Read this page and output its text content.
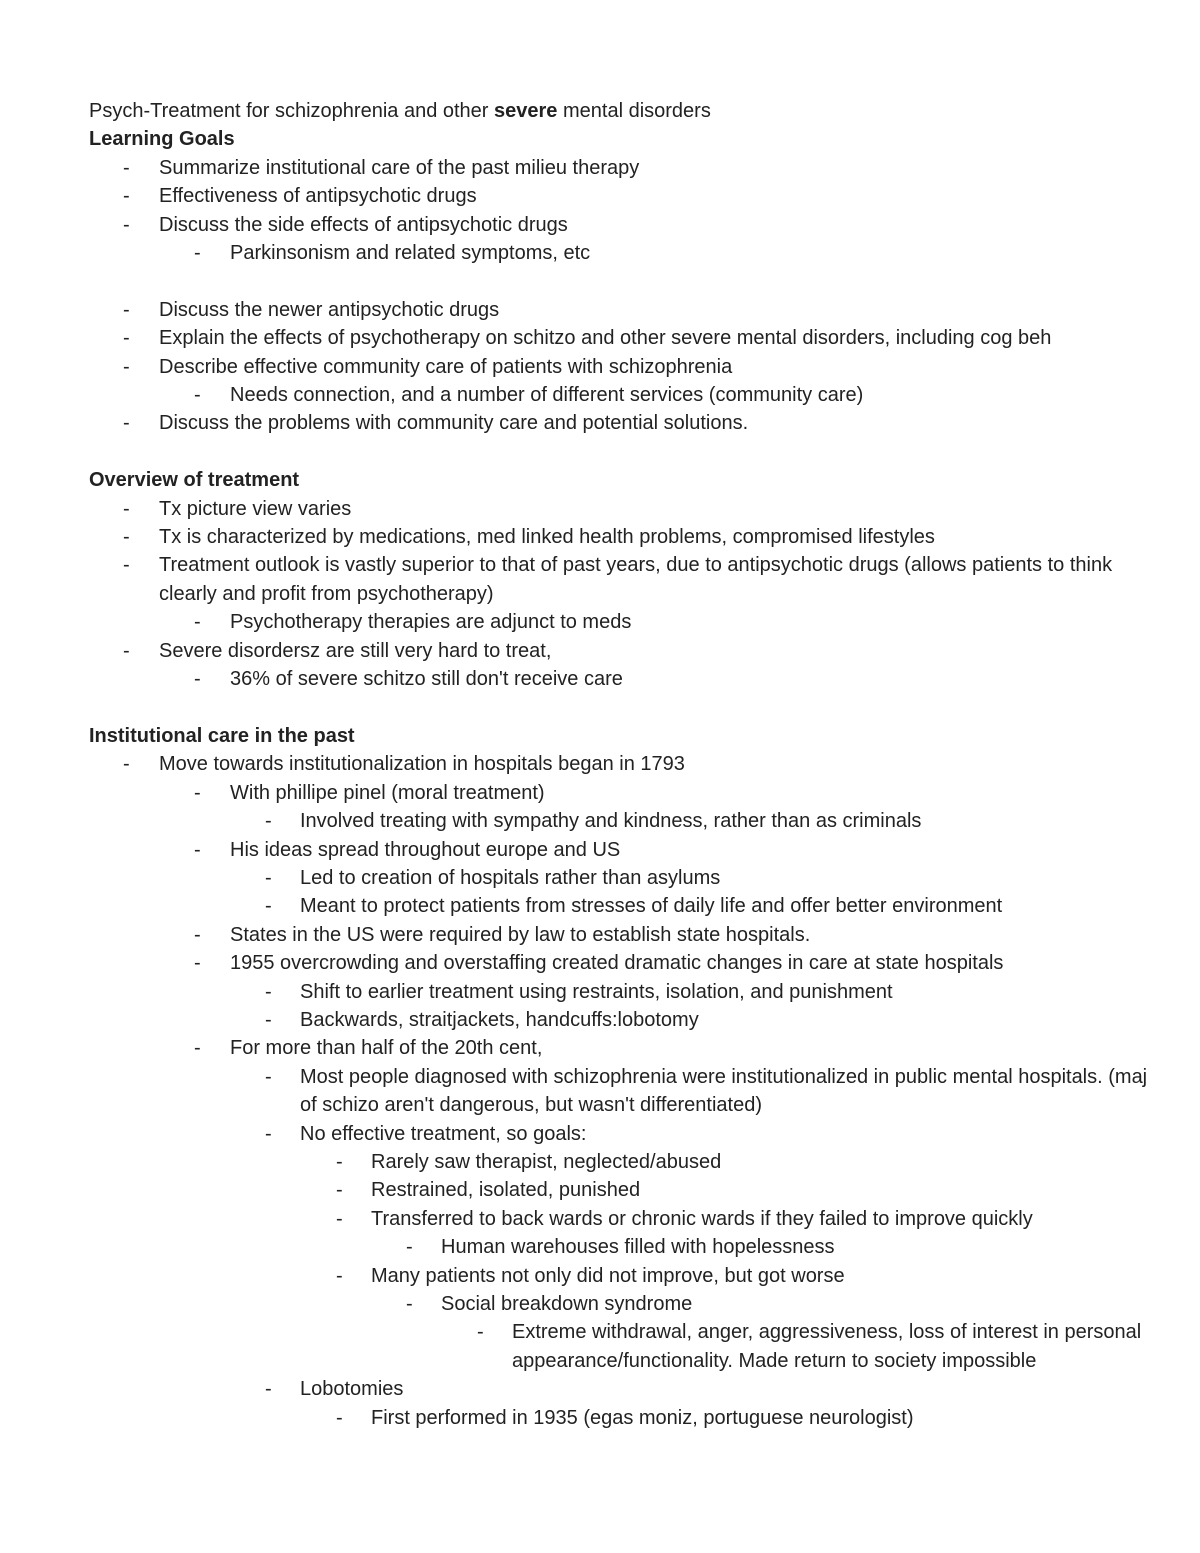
Psych-Treatment for schizophrenia and other severe mental disorders
Learning Goals
- Summarize institutional care of the past milieu therapy
- Effectiveness of antipsychotic drugs
- Discuss the side effects of antipsychotic drugs
- Parkinsonism and related symptoms, etc
- Discuss the newer antipsychotic drugs
- Explain the effects of psychotherapy on schitzo and other severe mental disorders, including cog beh
- Describe effective community care of patients with schizophrenia
- Needs connection, and a number of different services (community care)
- Discuss the problems with community care and potential solutions.
Overview of treatment
- Tx picture view varies
- Tx is characterized by medications, med linked health problems, compromised lifestyles
- Treatment outlook is vastly superior to that of past years, due to antipsychotic drugs (allows patients to think clearly and profit from psychotherapy)
- Psychotherapy therapies are adjunct to meds
- Severe disordersz are still very hard to treat,
- 36% of severe schitzo still don't receive care
Institutional care in the past
- Move towards institutionalization in hospitals began in 1793
- With phillipe pinel (moral treatment)
- Involved treating with sympathy and kindness, rather than as criminals
- His ideas spread throughout europe and US
- Led to creation of hospitals rather than asylums
- Meant to protect patients from stresses of daily life and offer better environment
- States in the US were required by law to establish state hospitals.
- 1955 overcrowding and overstaffing created dramatic changes in care at state hospitals
- Shift to earlier treatment using restraints, isolation, and punishment
- Backwards, straitjackets, handcuffs:lobotomy
- For more than half of the 20th cent,
- Most people diagnosed with schizophrenia were institutionalized in public mental hospitals. (maj of schizo aren't dangerous, but wasn't differentiated)
- No effective treatment, so goals:
- Rarely saw therapist, neglected/abused
- Restrained, isolated, punished
- Transferred to back wards or chronic wards if they failed to improve quickly
- Human warehouses filled with hopelessness
- Many patients not only did not improve, but got worse
- Social breakdown syndrome
- Extreme withdrawal, anger, aggressiveness, loss of interest in personal appearance/functionality. Made return to society impossible
- Lobotomies
- First performed in 1935 (egas moniz, portuguese neurologist)
